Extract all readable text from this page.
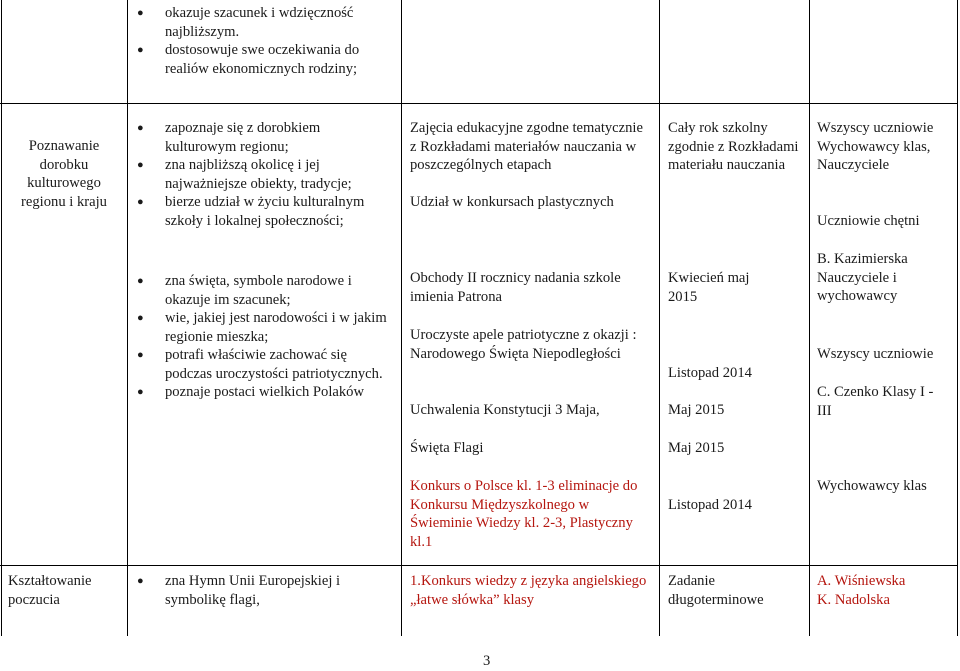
● okazuje szacunek i wdzięczność najbliższym.
● dostosowuje swe oczekiwania do realiów ekonomicznych rodziny;
Poznawanie
dorobku
kulturowego
regionu i kraju
● zapoznaje się z dorobkiem kulturowym regionu;
● zna najbliższą okolicę i jej najważniejsze obiekty, tradycje;
● bierze udział w życiu kulturalnym szkoły i lokalnej społeczności;

Zajęcia edukacyjne zgodne tematycznie z Rozkładami materiałów nauczania w poszczególnych etapach

Udział w konkursach plastycznych

Cały rok szkolny zgodnie z Rozkładami materiału nauczania

Wszyscy uczniowie Wychowawcy klas, Nauczyciele

Uczniowie chętni

● zna święta, symbole narodowe i okazuje im szacunek;
● wie, jakiej jest narodowości i w jakim regionie mieszka;
● potrafi właściwie zachować się podczas uroczystości patriotycznych.
● poznaje postaci wielkich Polaków

Obchody II rocznicy nadania szkole imienia Patrona

Uroczyste apele patriotyczne z okazji :

Narodowego Święta Niepodległości

Uchwalenia Konstytucji 3 Maja,

Święta Flagi

Kwiecień maj 2015

Listopad 2014

Maj 2015

Maj 2015

B. Kazimierska Nauczyciele i wychowawcy

Wszyscy uczniowie

C. Czenko Klasy I - III

Konkurs o Polsce kl. 1-3 eliminacje do Konkursu Międzyszkolnego w Świeminie Wiedzy kl. 2-3, Plastyczny kl.1

Listopad 2014

Wychowawcy klas

Kształtowanie poczucia

● zna Hymn Unii Europejskiej i symbolikę flagi,

1.Konkurs wiedzy z języka angielskiego „łatwe słówka” klasy

Zadanie długoterminowe

A. Wiśniewska
K. Nadolska
3
